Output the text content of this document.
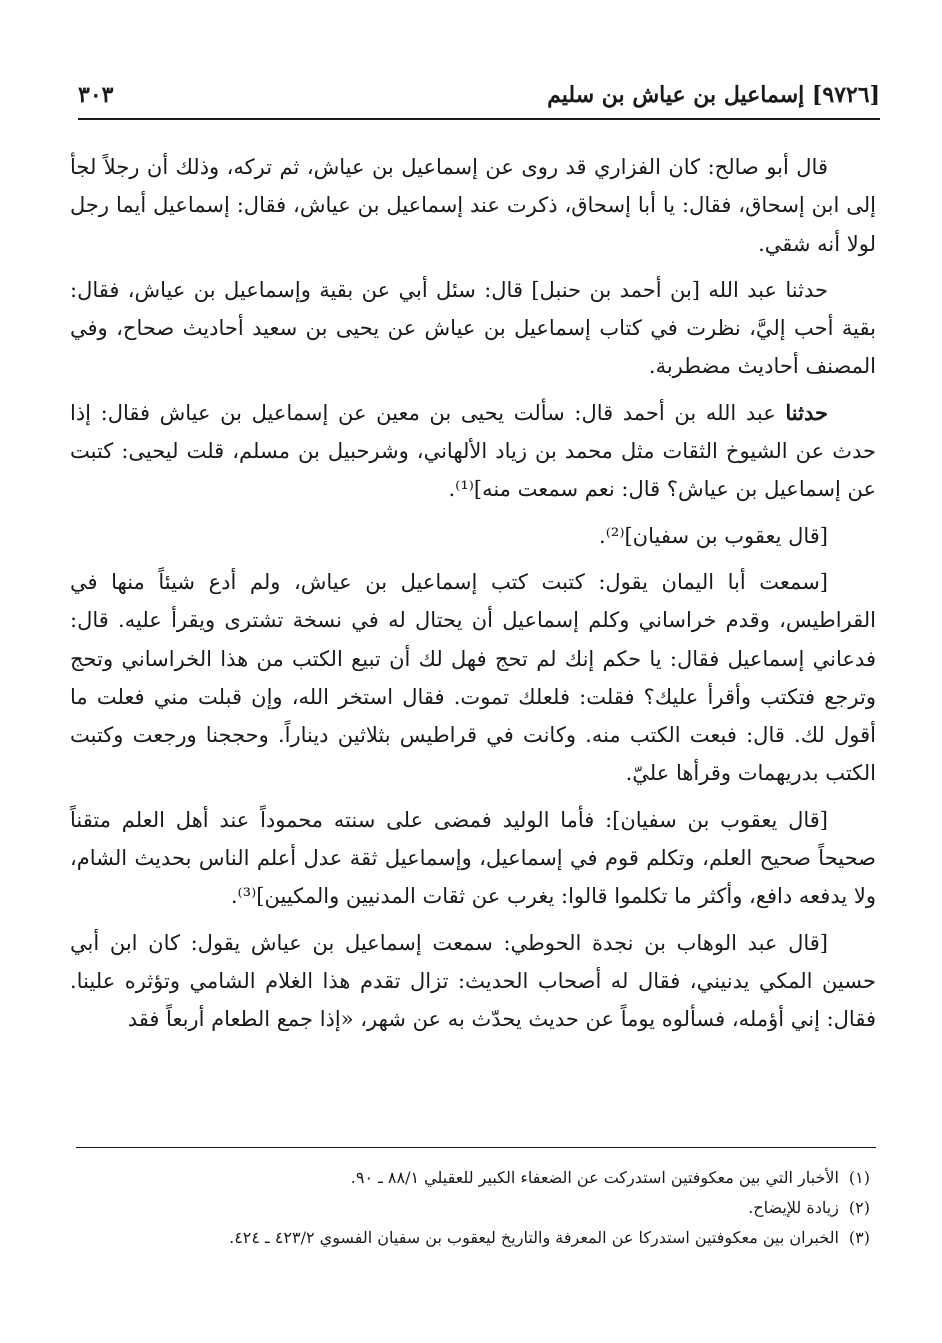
[٩٧٢٦] إسماعيل بن عياش بن سليم
٣٠٣

قال أبو صالح: كان الفزاري قد روى عن إسماعيل بن عياش، ثم تركه، وذلك أن رجلاً لجأ إلى ابن إسحاق، فقال: يا أبا إسحاق، ذكرت عند إسماعيل بن عياش، فقال: إسماعيل أيما رجل لولا أنه شقي.

حدثنا عبد الله [بن أحمد بن حنبل] قال: سئل أبي عن بقية وإسماعيل بن عياش، فقال: بقية أحب إليَّ، نظرت في كتاب إسماعيل بن عياش عن يحيى بن سعيد أحاديث صحاح، وفي المصنف أحاديث مضطربة.

حدثنا عبد الله بن أحمد قال: سألت يحيى بن معين عن إسماعيل بن عياش فقال: إذا حدث عن الشيوخ الثقات مثل محمد بن زياد الألهاني، وشرحبيل بن مسلم، قلت ليحيى: كتبت عن إسماعيل بن عياش؟ قال: نعم سمعت منه]⁽¹⁾.

[قال يعقوب بن سفيان]⁽²⁾.

[سمعت أبا اليمان يقول: كتبت كتب إسماعيل بن عياش، ولم أدع شيئاً منها في القراطيس، وقدم خراساني وكلم إسماعيل أن يحتال له في نسخة تشترى ويقرأ عليه. قال: فدعاني إسماعيل فقال: يا حكم إنك لم تحج فهل لك أن تبيع الكتب من هذا الخراساني وتحج وترجع فتكتب وأقرأ عليك؟ فقلت: فلعلك تموت. فقال استخر الله، وإن قبلت مني فعلت ما أقول لك. قال: فبعت الكتب منه. وكانت في قراطيس بثلاثين ديناراً. وحججنا ورجعت وكتبت الكتب بدريهمات وقرأها عليّ.

[قال يعقوب بن سفيان]: فأما الوليد فمضى على سنته محموداً عند أهل العلم متقناً صحيحاً صحيح العلم، وتكلم قوم في إسماعيل، وإسماعيل ثقة عدل أعلم الناس بحديث الشام، ولا يدفعه دافع، وأكثر ما تكلموا قالوا: يغرب عن ثقات المدنيين والمكيين]⁽³⁾.

[قال عبد الوهاب بن نجدة الحوطي: سمعت إسماعيل بن عياش يقول: كان ابن أبي حسين المكي يدنيني، فقال له أصحاب الحديث: تزال تقدم هذا الغلام الشامي وتؤثره علينا. فقال: إني أؤمله، فسألوه يوماً عن حديث يحدّث به عن شهر، «إذا جمع الطعام أربعاً فقد

(١)الأخبار التي بين معكوفتين استدركت عن الضعفاء الكبير للعقيلي ٨٨/١ ـ ٩٠.

(٢)زيادة للإيضاح.

(٣)الخبران بين معكوفتين استدركا عن المعرفة والتاريخ ليعقوب بن سفيان الفسوي ٤٢٣/٢ ـ ٤٢٤.
